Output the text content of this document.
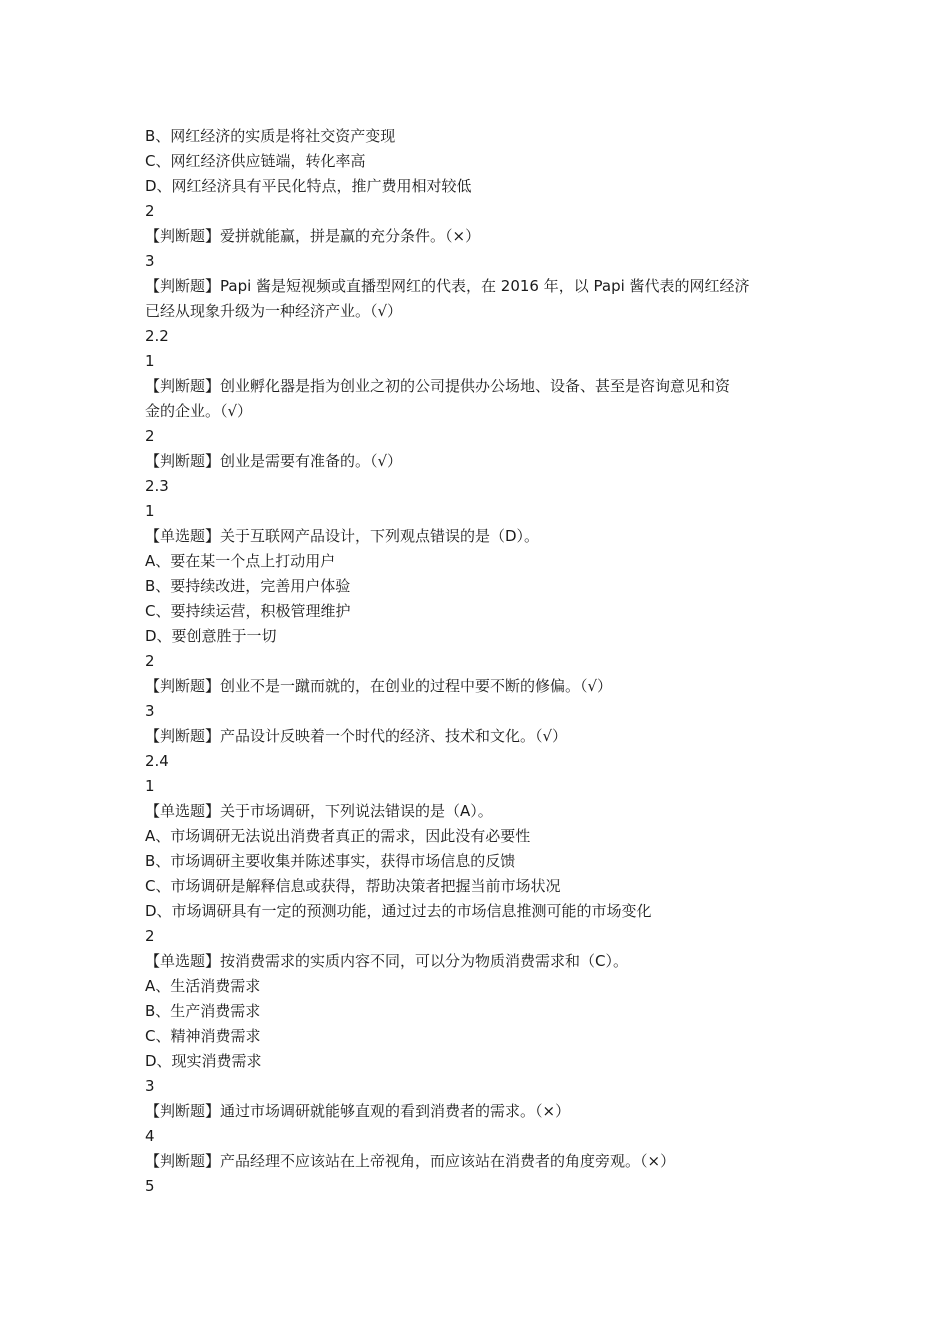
B、网红经济的实质是将社交资产变现
C、网红经济供应链端，转化率高
D、网红经济具有平民化特点，推广费用相对较低
2
【判断题】爱拼就能赢，拼是赢的充分条件。（×）
3
【判断题】Papi 酱是短视频或直播型网红的代表，在 2016 年，以 Papi 酱代表的网红经济
已经从现象升级为一种经济产业。（√）
2.2
1
【判断题】创业孵化器是指为创业之初的公司提供办公场地、设备、甚至是咨询意见和资
金的企业。（√）
2
【判断题】创业是需要有准备的。（√）
2.3
1
【单选题】关于互联网产品设计，下列观点错误的是（D）。
A、要在某一个点上打动用户
B、要持续改进，完善用户体验
C、要持续运营，积极管理维护
D、要创意胜于一切
2
【判断题】创业不是一蹴而就的，在创业的过程中要不断的修偏。（√）
3
【判断题】产品设计反映着一个时代的经济、技术和文化。（√）
2.4
1
【单选题】关于市场调研，下列说法错误的是（A）。
A、市场调研无法说出消费者真正的需求，因此没有必要性
B、市场调研主要收集并陈述事实，获得市场信息的反馈
C、市场调研是解释信息或获得，帮助决策者把握当前市场状况
D、市场调研具有一定的预测功能，通过过去的市场信息推测可能的市场变化
2
【单选题】按消费需求的实质内容不同，可以分为物质消费需求和（C）。
A、生活消费需求
B、生产消费需求
C、精神消费需求
D、现实消费需求
3
【判断题】通过市场调研就能够直观的看到消费者的需求。（×）
4
【判断题】产品经理不应该站在上帝视角，而应该站在消费者的角度旁观。（×）
5
